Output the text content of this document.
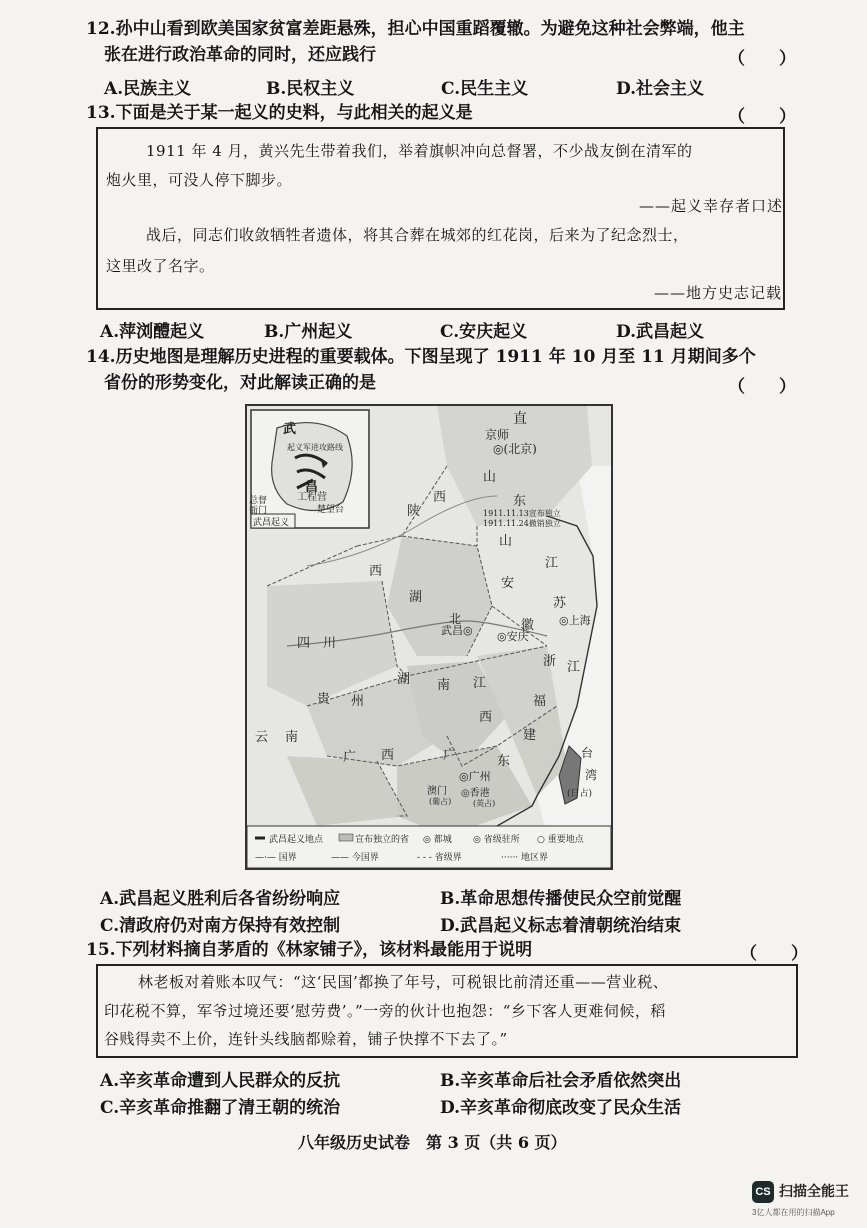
12.孙中山看到欧美国家贫富差距悬殊，担心中国重蹈覆辙。为避免这种社会弊端，他主
张在进行政治革命的同时，还应践行	（　　）
A.民族主义	B.民权主义	C.民生主义	D.社会主义
13.下面是关于某一起义的史料，与此相关的起义是	（　　）
1911 年 4 月，黄兴先生带着我们，举着旗帜冲向总督署，不少战友倒在清军的
炮火里，可没人停下脚步。
——起义幸存者口述
战后，同志们收敛牺牲者遗体，将其合葬在城郊的红花岗，后来为了纪念烈士，
这里改了名字。
——地方史志记载
A.萍浏醴起义	B.广州起义	C.安庆起义	D.武昌起义
14.历史地图是理解历史进程的重要载体。下图呈现了 1911 年 10 月至 11 月期间多个
省份的形势变化，对此解读正确的是	（　　）
武
昌
工程营
起义军进攻路线
总督衙门	楚望台
武昌起义
直
京师
◎(北京)
山
东
陕
西
1911.11.13宣布独立
1911.11.24撤销独立
山
江
西
安
湖	苏
四　川
北
武昌◎	徽 ◎上海
◎安庆
浙 江
贵 州
湖 南 江
西
福
建
云 南
广 西	广	东
◎广州
台
湾
(日占)
澳门 ◎香港
(葡占)	(英占)
武昌起义地点	宣布独立的省 ◎ 都城 ◎ 省级驻所 ○ 重要地点
—·— 国界	—— 今国界	- - - 省级界	······ 地区界
A.武昌起义胜利后各省纷纷响应	B.革命思想传播使民众空前觉醒
C.清政府仍对南方保持有效控制	D.武昌起义标志着清朝统治结束
15.下列材料摘自茅盾的《林家铺子》，该材料最能用于说明	（　　）
林老板对着账本叹气：“这‘民国’都换了年号，可税银比前清还重——营业税、
印花税不算，军爷过境还要‘慰劳费’。”一旁的伙计也抱怨：“乡下客人更难伺候，稻
谷贱得卖不上价，连针头线脑都赊着，铺子快撑不下去了。”
A.辛亥革命遭到人民群众的反抗	B.辛亥革命后社会矛盾依然突出
C.辛亥革命推翻了清王朝的统治	D.辛亥革命彻底改变了民众生活
八年级历史试卷　第 3 页（共 6 页）
CS 扫描全能王
3亿人都在用的扫描App
